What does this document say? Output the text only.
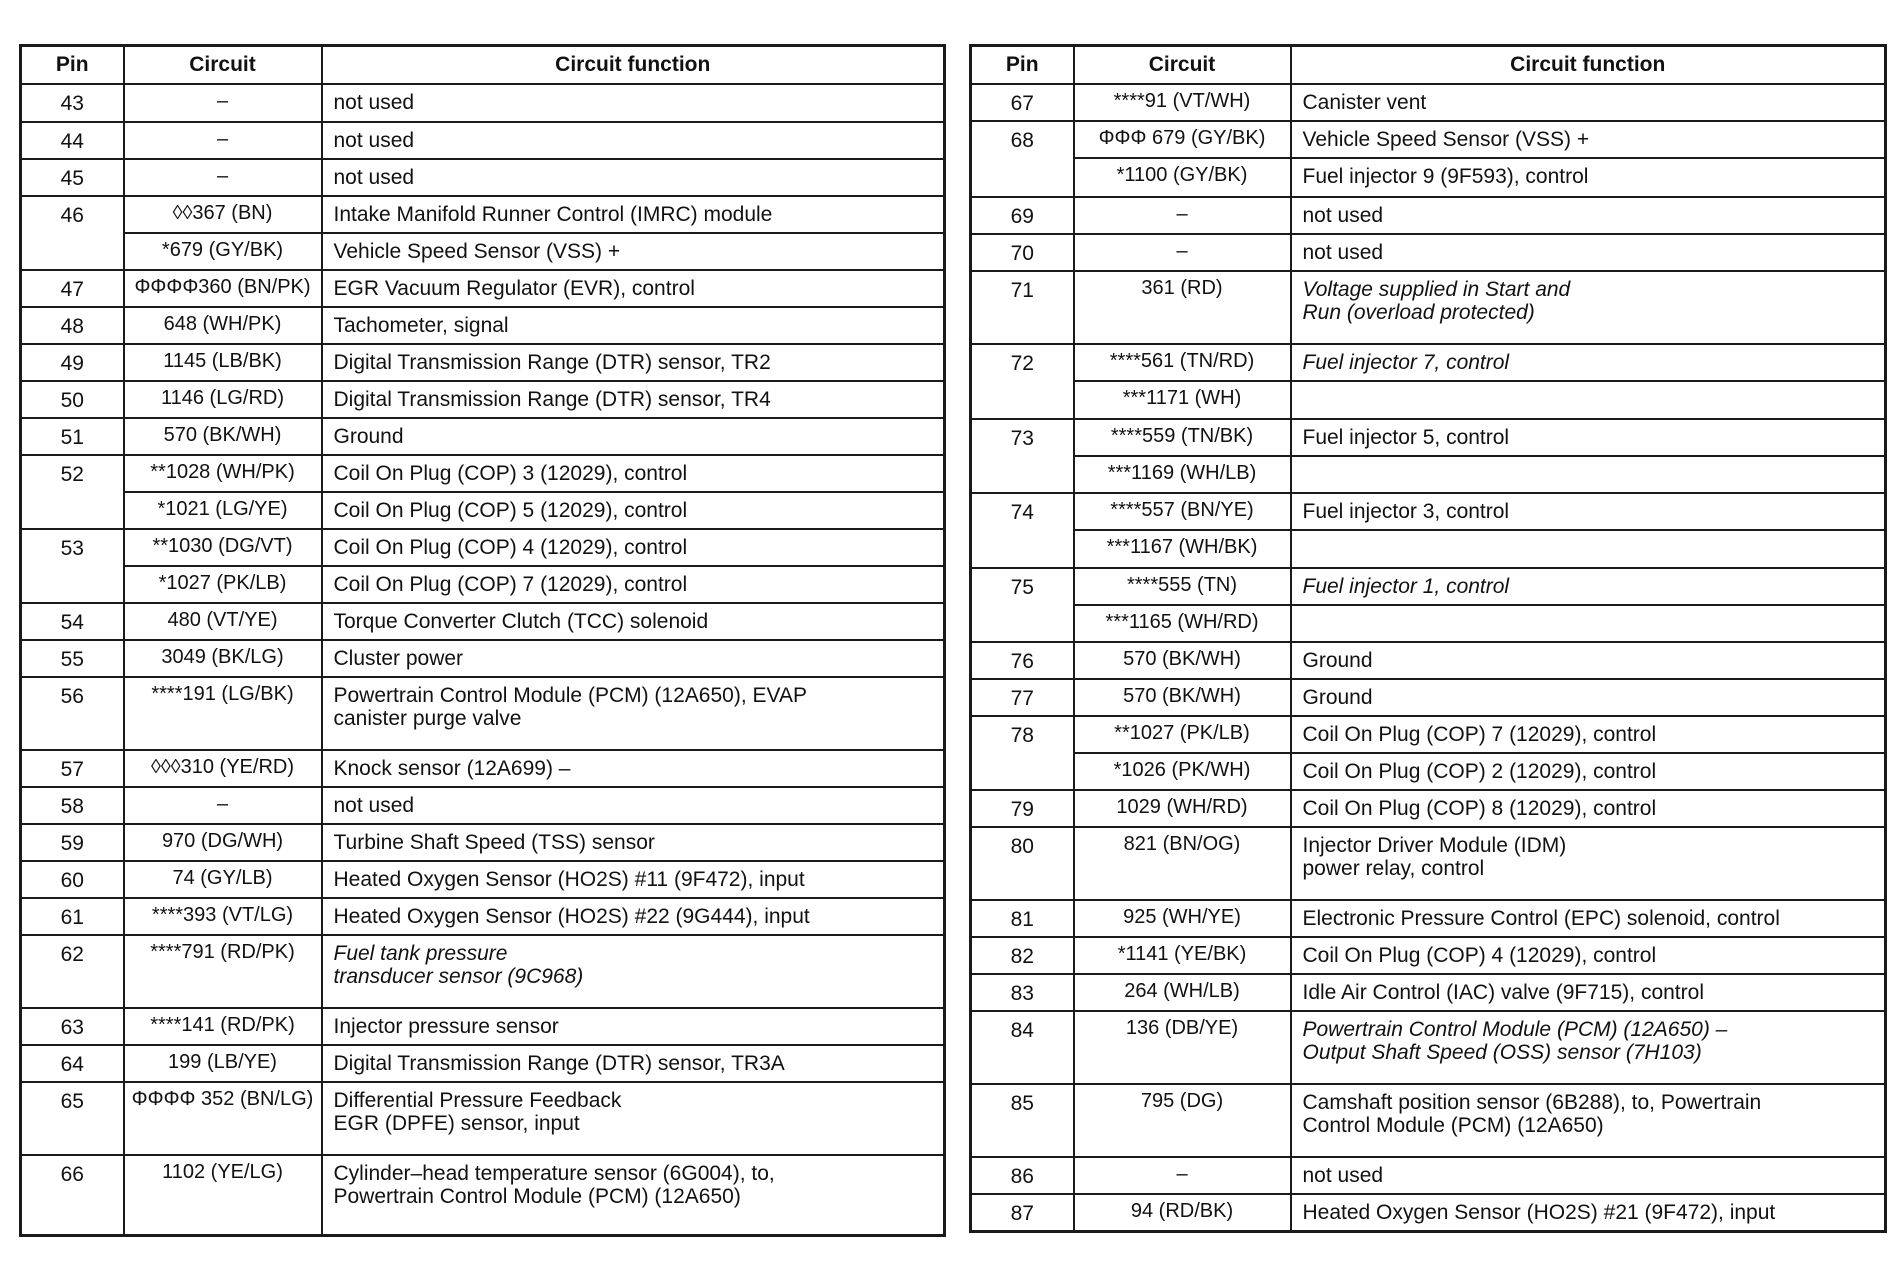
Pin	Circuit	Circuit function
43	–	not used
44	–	not used
45	–	not used
46	◊◊367 (BN)	Intake Manifold Runner Control (IMRC) module
	*679 (GY/BK)	Vehicle Speed Sensor (VSS) +
47	ΦΦΦΦ360 (BN/PK)	EGR Vacuum Regulator (EVR), control
48	648 (WH/PK)	Tachometer, signal
49	1145 (LB/BK)	Digital Transmission Range (DTR) sensor, TR2
50	1146 (LG/RD)	Digital Transmission Range (DTR) sensor, TR4
51	570 (BK/WH)	Ground
52	**1028 (WH/PK)	Coil On Plug (COP) 3 (12029), control
	*1021 (LG/YE)	Coil On Plug (COP) 5 (12029), control
53	**1030 (DG/VT)	Coil On Plug (COP) 4 (12029), control
	*1027 (PK/LB)	Coil On Plug (COP) 7 (12029), control
54	480 (VT/YE)	Torque Converter Clutch (TCC) solenoid
55	3049 (BK/LG)	Cluster power
56	****191 (LG/BK)	Powertrain Control Module (PCM) (12A650), EVAP
canister purge valve
57	◊◊◊310 (YE/RD)	Knock sensor (12A699) –
58	–	not used
59	970 (DG/WH)	Turbine Shaft Speed (TSS) sensor
60	74 (GY/LB)	Heated Oxygen Sensor (HO2S) #11 (9F472), input
61	****393 (VT/LG)	Heated Oxygen Sensor (HO2S) #22 (9G444), input
62	****791 (RD/PK)	Fuel tank pressure
transducer sensor (9C968)
63	****141 (RD/PK)	Injector pressure sensor
64	199 (LB/YE)	Digital Transmission Range (DTR) sensor, TR3A
65	ΦΦΦΦ 352 (BN/LG)	Differential Pressure Feedback
EGR (DPFE) sensor, input
66	1102 (YE/LG)	Cylinder–head temperature sensor (6G004), to,
Powertrain Control Module (PCM) (12A650)
Pin	Circuit	Circuit function
67	****91 (VT/WH)	Canister vent
68	ΦΦΦ 679 (GY/BK)	Vehicle Speed Sensor (VSS) +
	*1100 (GY/BK)	Fuel injector 9 (9F593), control
69	–	not used
70	–	not used
71	361 (RD)	Voltage supplied in Start and
Run (overload protected)
72	****561 (TN/RD)	Fuel injector 7, control
	***1171 (WH)	
73	****559 (TN/BK)	Fuel injector 5, control
	***1169 (WH/LB)	
74	****557 (BN/YE)	Fuel injector 3, control
	***1167 (WH/BK)	
75	****555 (TN)	Fuel injector 1, control
	***1165 (WH/RD)	
76	570 (BK/WH)	Ground
77	570 (BK/WH)	Ground
78	**1027 (PK/LB)	Coil On Plug (COP) 7 (12029), control
	*1026 (PK/WH)	Coil On Plug (COP) 2 (12029), control
79	1029 (WH/RD)	Coil On Plug (COP) 8 (12029), control
80	821 (BN/OG)	Injector Driver Module (IDM)
power relay, control
81	925 (WH/YE)	Electronic Pressure Control (EPC) solenoid, control
82	*1141 (YE/BK)	Coil On Plug (COP) 4 (12029), control
83	264 (WH/LB)	Idle Air Control (IAC) valve (9F715), control
84	136 (DB/YE)	Powertrain Control Module (PCM) (12A650) –
Output Shaft Speed (OSS) sensor (7H103)
85	795 (DG)	Camshaft position sensor (6B288), to, Powertrain
Control Module (PCM) (12A650)
86	–	not used
87	94 (RD/BK)	Heated Oxygen Sensor (HO2S) #21 (9F472), input
